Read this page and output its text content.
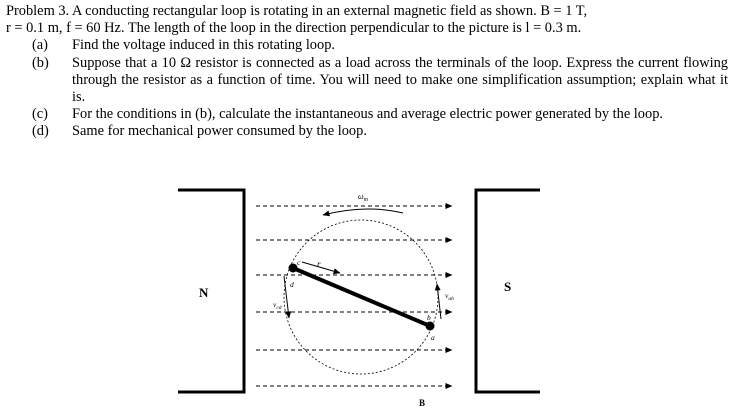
Problem 3. A conducting rectangular loop is rotating in an external magnetic field as shown. B = 1 T,
r = 0.1 m, f = 60 Hz. The length of the loop in the direction perpendicular to the picture is l = 0.3 m.
(a) Find the voltage induced in this rotating loop.
(b) Suppose that a 10 Ω resistor is connected as a load across the terminals of the loop. Express the current flowing through the resistor as a function of time. You will need to make one simplification assumption; explain what it is.
(c) For the conditions in (b), calculate the instantaneous and average electric power generated by the loop.
(d) Same for mechanical power consumed by the loop.
N	S
B
$\omega_m$
r
c
d
b
a
$v_{cd}$
$v_{ab}$
